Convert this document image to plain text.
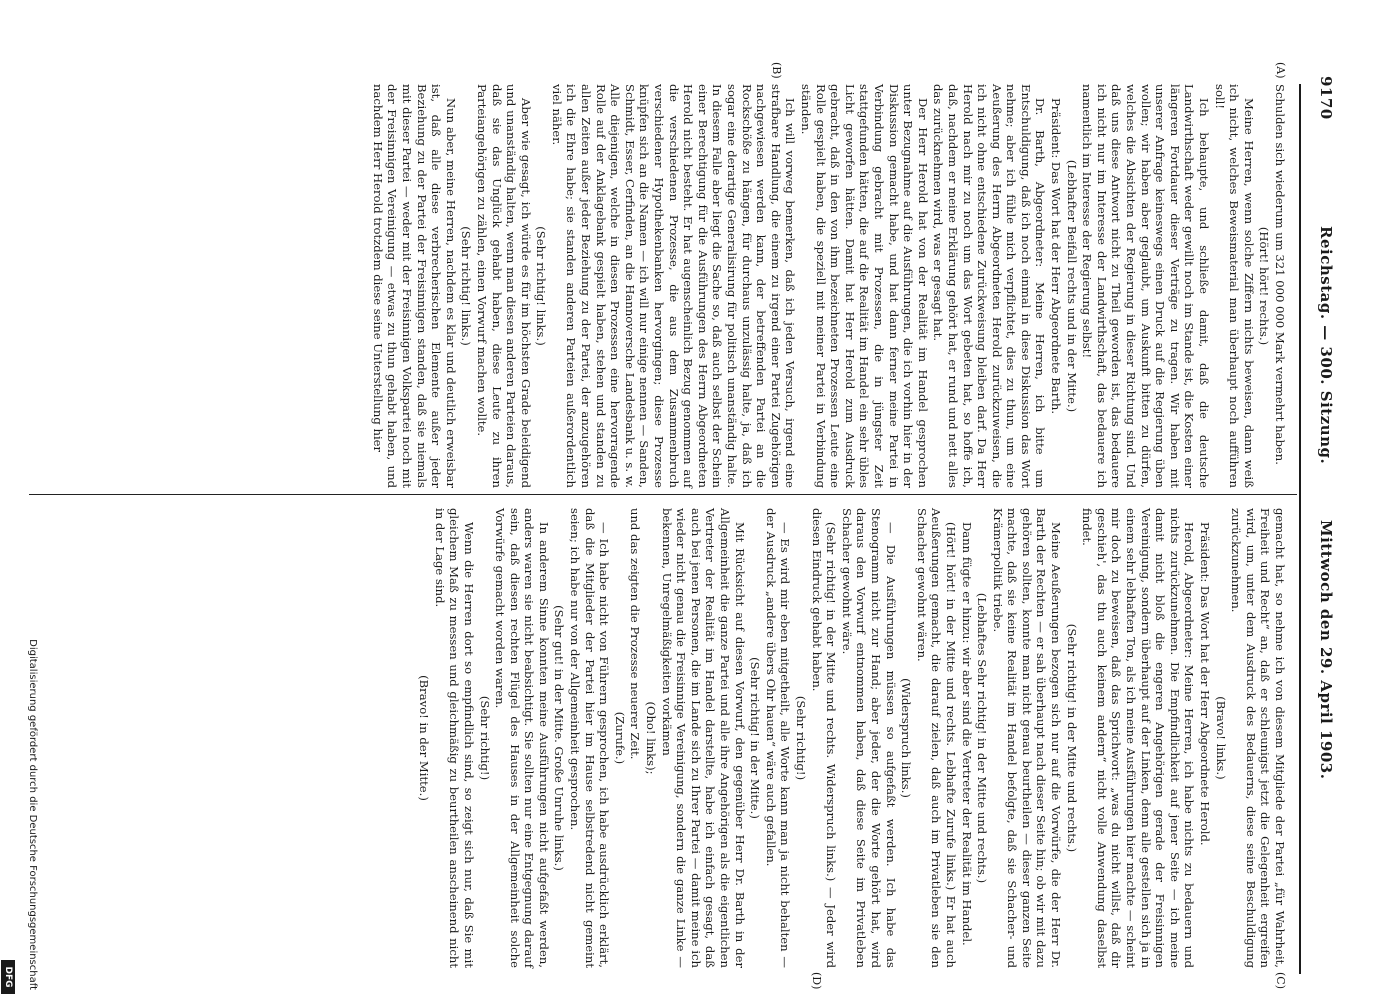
9170
Reichstag. — 300. Sitzung.
Mittwoch den 29. April 1903.
(A)
(B)
(C)
(D)

Schulden sich wiederum um 321 000 000 Mark vermehrt haben.

(Hört! hört! rechts.)

Meine Herren, wenn solche Ziffern nichts beweisen, dann weiß ich nicht, welches Beweismaterial man überhaupt noch aufführen soll!

Ich behaupte, und schließe damit, daß die deutsche Landwirthschaft weder gewillt noch im Stande ist, die Kosten einer längeren Fortdauer dieser Verträge zu tragen. Wir haben mit unserer Anfrage keineswegs einen Druck auf die Regierung üben wollen; wir haben aber geglaubt, um Auskunft bitten zu dürfen, welches die Absichten der Regierung in dieser Richtung sind. Und daß uns diese Antwort nicht zu Theil geworden ist, das bedauere ich nicht nur im Interesse der Landwirthschaft, das bedauere ich namentlich im Interesse der Regierung selbst!

(Lebhafter Beifall rechts und in der Mitte.)

Präsident: Das Wort hat der Herr Abgeordnete Barth.

Dr. Barth, Abgeordneter: Meine Herren, ich bitte um Entschuldigung, daß ich noch einmal in diese Diskussion das Wort nehme; aber ich fühle mich verpflichtet, dies zu thun, um eine Aeußerung des Herrn Abgeordneten Herold zurückzuweisen, die ich nicht ohne entschiedene Zurückweisung bleiben darf. Da Herr Herold nach mir zu noch um das Wort gebeten hat, so hoffe ich, daß, nachdem er meine Erklärung gehört hat, er rund und nett alles das zurücknehmen wird, was er gesagt hat.

Der Herr Herold hat von der Realität im Handel gesprochen unter Bezugnahme auf die Ausführungen, die ich vorhin hier in der Diskussion gemacht habe, und hat dann ferner meine Partei in Verbindung gebracht mit Prozessen, die in jüngster Zeit stattgefunden hätten, die auf die Realität im Handel ein sehr übles Licht geworfen hätten. Damit hat Herr Herold zum Ausdruck gebracht, daß in den von ihm bezeichneten Prozessen Leute eine Rolle gespielt haben, die speziell mit meiner Partei in Verbindung ständen.

Ich will vorweg bemerken, daß ich jeden Versuch, irgend eine strafbare Handlung, die einem zu irgend einer Partei Zugehörigen nachgewiesen werden kann, der betreffenden Partei an die Rockschöße zu hängen, für durchaus unzulässig halte, ja, daß ich sogar eine derartige Generalisirung für politisch unanständig halte. In diesem Falle aber liegt die Sache so, daß auch selbst der Schein einer Berechtigung für die Ausführungen des Herrn Abgeordneten Herold nicht besteht. Er hat augenscheinlich Bezug genommen auf die verschiedenen Prozesse, die aus dem Zusammenbruch verschiedener Hypothekenbanken hervorgingen; diese Prozesse knüpfen sich an die Namen — ich will nur einige nennen — Sanden, Schmidt, Esser, Cerfinden, an die Hannoversche Landesbank u. s. w. Alle diejenigen, welche in diesen Prozessen eine hervorragende Rolle auf der Anklagebank gespielt haben, stehen und standen zu allen Zeiten außer jeder Beziehung zu der Partei, der anzugehören ich die Ehre habe; sie standen anderen Parteien außerordentlich viel näher.

(Sehr richtig! links.)

Aber wie gesagt, ich würde es für im höchsten Grade beleidigend und unanständig halten, wenn man diesen anderen Parteien daraus, daß sie das Unglück gehabt haben, diese Leute zu ihren Parteiangehörigen zu zählen, einen Vorwurf machen wollte.

(Sehr richtig! links.)

Nun aber, meine Herren, nachdem es klar und deutlich erweisbar ist, daß alle diese verbrecherischen Elemente außer jeder Beziehung zu der Partei der Freisinnigen standen, daß sie niemals mit dieser Partei — weder mit der Freisinnigen Volkspartei noch mit der Freisinnigen Vereinigung — etwas zu thun gehabt haben, und nachdem Herr Herold trotzdem diese seine Unterstellung hier

gemacht hat, so nehme ich von diesem Mitgliede der Partei „für Wahrheit, Freiheit und Recht“ an, daß er schleunigst jetzt die Gelegenheit ergreifen wird, um, unter dem Ausdruck des Bedauerns, diese seine Beschuldigung zurückzunehmen.

(Bravo! links.)

Präsident: Das Wort hat der Herr Abgeordnete Herold.

Herold, Abgeordneter: Meine Herren, ich habe nichts zu bedauern und nichts zurückzunehmen. Die Empfindlichkeit auf jener Seite — ich meine damit nicht bloß die engeren Angehörigen gerade der Freisinnigen Vereinigung, sondern überhaupt auf der Linken, denn alle gestellen sich ja in einem sehr lebhaften Ton, als ich meine Ausführungen hier machte — scheint mir doch zu beweisen, daß das Sprichwort: „was du nicht willst, daß dir geschieh', das thu auch keinem andern“ nicht volle Anwendung daselbst findet.

(Sehr richtig! in der Mitte und rechts.)

Meine Aeußerungen bezogen sich nur auf die Vorwürfe, die der Herr Dr. Barth der Rechten — er sah überhaupt nach dieser Seite hin; ob wir mit dazu gehören sollten, konnte man nicht genau beurtheilen — dieser ganzen Seite machte, daß sie keine Realität im Handel befolgte, daß sie Schacher- und Krämerpolitik triebe.

(Lebhaftes Sehr richtig! in der Mitte und rechts.)

Dann fügte er hinzu: wir aber sind die Vertreter der Realität im Handel.

(Hört! hört! in der Mitte und rechts. Lebhafte Zurufe links.) Er hat auch Aeußerungen gemacht, die darauf zielen, daß auch im Privatleben sie den Schacher gewohnt wären.

(Widerspruch links.)

— Die Ausführungen müssen so aufgefaßt werden. Ich habe das Stenogramm nicht zur Hand; aber jeder, der die Worte gehört hat, wird daraus den Vorwurf entnommen haben, daß diese Seite im Privatleben Schacher gewohnt wäre.

(Sehr richtig! in der Mitte und rechts. Widerspruch links.) — Jeder wird diesen Eindruck gehabt haben.

(Sehr richtig!)

— Es wird mir eben mitgetheilt, alle Worte kann man ja nicht behalten — der Ausdruck „andere übers Ohr hauen“ wäre auch gefallen.

(Sehr richtig! in der Mitte.)

Mit Rücksicht auf diesen Vorwurf, den gegenüber Herr Dr. Barth in der Allgemeinheit die ganze Partei und alle ihre Angehörigen als die eigentlichen Vertreter der Realität im Handel darstellte, habe ich einfach gesagt, daß auch bei jenen Personen, die im Lande sich zu Ihrer Partei — damit meine ich wieder nicht genau die Freisinnige Vereinigung, sondern die ganze Linke — bekennen, Unregelmäßigkeiten vorkämen

(Oho! links);

und das zeigten die Prozesse neuerer Zeit.

(Zurufe.)

— Ich habe nicht von Führern gesprochen, ich habe ausdrücklich erklärt, daß die Mitglieder der Partei hier im Hause selbstredend nicht gemeint seien; ich habe nur von der Allgemeinheit gesprochen.

(Sehr gut! in der Mitte. Große Unruhe links.)

In anderem Sinne konnten meine Ausführungen nicht aufgefaßt werden, anders waren sie nicht beabsichtigt. Sie sollten nur eine Entgegnung darauf sein, daß diesen rechten Flügel des Hauses in der Allgemeinheit solche Vorwürfe gemacht worden waren.

(Sehr richtig!)

Wenn die Herren dort so empfindlich sind, so zeigt sich nur, daß Sie mit gleichem Maß zu messen und gleichmäßig zu beurtheilen anscheinend nicht in der Lage sind.

(Bravo! in der Mitte.)

Digitalisierung gefördert durch die Deutsche Forschungsgemeinschaft
DFG
